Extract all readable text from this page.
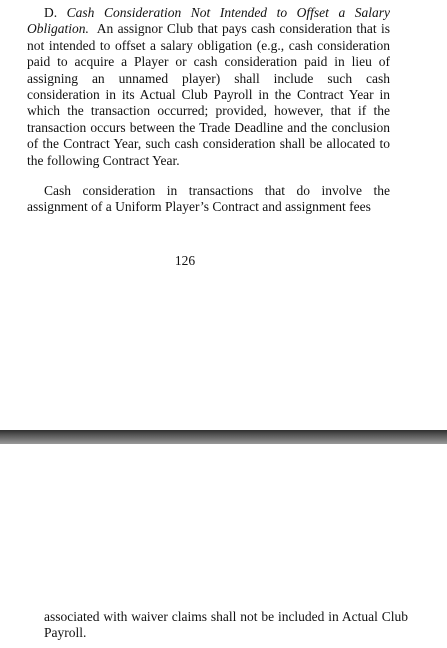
D. Cash Consideration Not Intended to Offset a Salary Obligation. An assignor Club that pays cash consideration that is not intended to offset a salary obligation (e.g., cash consideration paid to acquire a Player or cash consideration paid in lieu of assigning an unnamed player) shall include such cash consideration in its Actual Club Payroll in the Contract Year in which the transaction occurred; provided, however, that if the transaction occurs between the Trade Deadline and the conclusion of the Contract Year, such cash consideration shall be allocated to the following Contract Year.

Cash consideration in transactions that do involve the assignment of a Uniform Player’s Contract and assignment fees

126

associated with waiver claims shall not be included in Actual Club Payroll.
